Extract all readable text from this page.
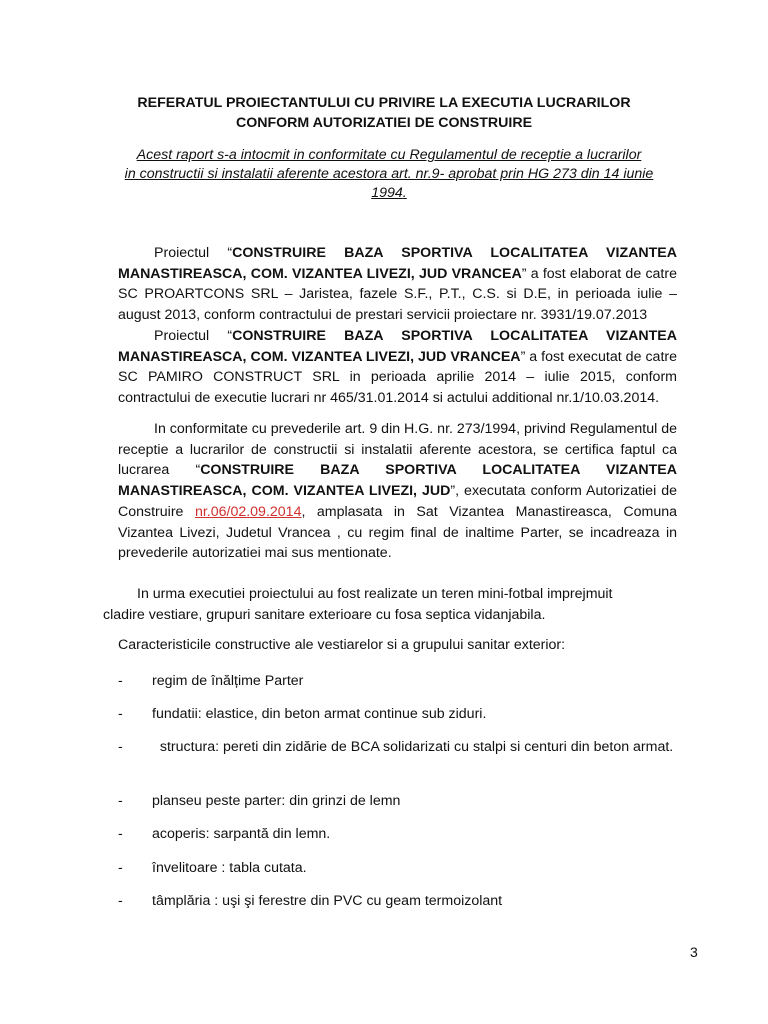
REFERATUL PROIECTANTULUI CU PRIVIRE LA EXECUTIA LUCRARILOR
CONFORM AUTORIZATIEI DE CONSTRUIRE
Acest raport s-a intocmit in conformitate cu Regulamentul de receptie a lucrarilor
in constructii si instalatii aferente acestora art. nr.9- aprobat prin HG 273 din 14 iunie
1994.
Proiectul “CONSTRUIRE BAZA SPORTIVA LOCALITATEA VIZANTEA MANASTIREASCA, COM. VIZANTEA LIVEZI, JUD VRANCEA” a fost elaborat de catre SC PROARTCONS SRL – Jaristea, fazele S.F., P.T., C.S. si D.E, in perioada iulie – august 2013, conform contractului de prestari servicii proiectare nr. 3931/19.07.2013
Proiectul “CONSTRUIRE BAZA SPORTIVA LOCALITATEA VIZANTEA MANASTIREASCA, COM. VIZANTEA LIVEZI, JUD VRANCEA” a fost executat de catre SC PAMIRO CONSTRUCT SRL in perioada aprilie 2014 – iulie 2015, conform contractului de executie lucrari nr 465/31.01.2014 si actului additional nr.1/10.03.2014.
In conformitate cu prevederile art. 9 din H.G. nr. 273/1994, privind Regulamentul de receptie a lucrarilor de constructii si instalatii aferente acestora, se certifica faptul ca lucrarea “CONSTRUIRE BAZA SPORTIVA LOCALITATEA VIZANTEA MANASTIREASCA, COM. VIZANTEA LIVEZI, JUD”, executata conform Autorizatiei de Construire nr.06/02.09.2014, amplasata in Sat Vizantea Manastireasca, Comuna Vizantea Livezi, Judetul Vrancea , cu regim final de inaltime Parter, se incadreaza in prevederile autorizatiei mai sus mentionate.
In urma executiei proiectului au fost realizate un teren mini-fotbal imprejmuit
cladire vestiare, grupuri sanitare exterioare cu fosa septica vidanjabila.
Caracteristicile constructive ale vestiarelor si a grupului sanitar exterior:
- regim de înălțime Parter
- fundatii: elastice, din beton armat continue sub ziduri.
-	structura: pereti din zidărie de BCA solidarizati cu stalpi si centuri din beton armat.
- planseu peste parter: din grinzi de lemn
- acoperis: sarpantă din lemn.
- învelitoare : tabla cutata.
- tâmplăria : uşi şi ferestre din PVC cu geam termoizolant
3
